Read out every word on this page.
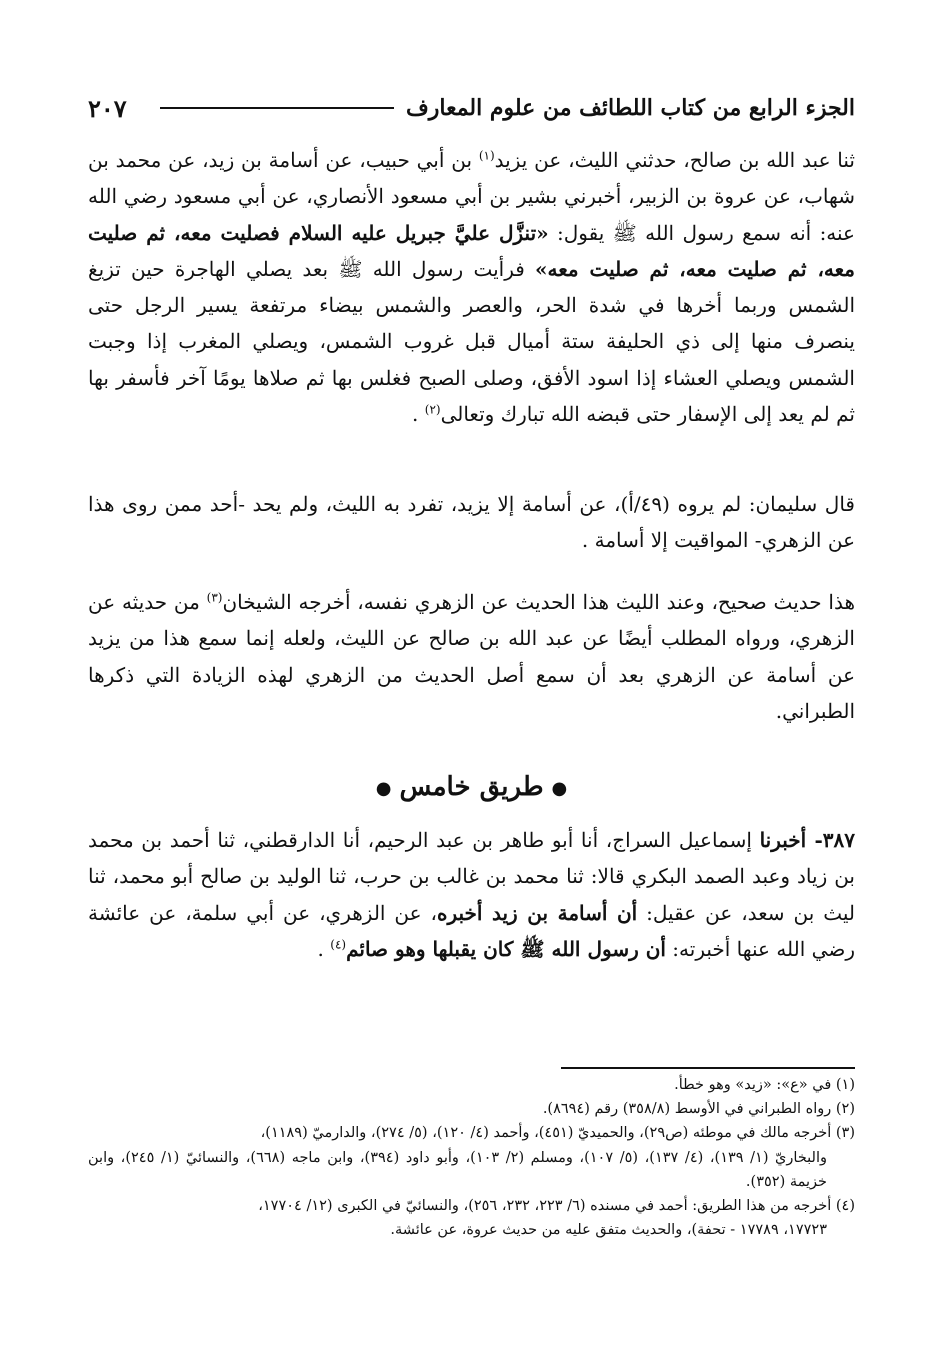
٢٠٧	الجزء الرابع من كتاب اللطائف من علوم المعارف
ثنا عبد الله بن صالح، حدثني الليث، عن يزيد$^{(١)}$ بن أبي حبيب، عن أسامة بن زيد، عن محمد بن شهاب، عن عروة بن الزبير، أخبرني بشير بن أبي مسعود الأنصاري، عن أبي مسعود رضي الله عنه: أنه سمع رسول الله ﷺ يقول: «تنزَّل عليَّ جبريل عليه السلام فصليت معه، ثم صليت معه، ثم صليت معه، ثم صليت معه» فرأيت رسول الله ﷺ بعد يصلي الهاجرة حين تزيغ الشمس وربما أخرها في شدة الحر، والعصر والشمس بيضاء مرتفعة يسير الرجل حتى ينصرف منها إلى ذي الحليفة ستة أميال قبل غروب الشمس، ويصلي المغرب إذا وجبت الشمس ويصلي العشاء إذا اسود الأفق، وصلى الصبح فغلس بها ثم صلاها يومًا آخر فأسفر بها ثم لم يعد إلى الإسفار حتى قبضه الله تبارك وتعالى$^{(٢)}$ .
قال سليمان: لم يروه (٤٩/أ)، عن أسامة إلا يزيد، تفرد به الليث، ولم يحد -أحد ممن روى هذا عن الزهري- المواقيت إلا أسامة .
هذا حديث صحيح، وعند الليث هذا الحديث عن الزهري نفسه، أخرجه الشيخان$^{(٣)}$ من حديثه عن الزهري، ورواه المطلب أيضًا عن عبد الله بن صالح عن الليث، ولعله إنما سمع هذا من يزيد عن أسامة عن الزهري بعد أن سمع أصل الحديث من الزهري لهذه الزيادة التي ذكرها الطبراني.
●طريق خامس●
٣٨٧- أخبرنا إسماعيل السراج، أنا أبو طاهر بن عبد الرحيم، أنا الدارقطني، ثنا أحمد بن محمد بن زياد وعبد الصمد البكري قالا: ثنا محمد بن غالب بن حرب، ثنا الوليد بن صالح أبو محمد، ثنا ليث بن سعد، عن عقيل: أن أسامة بن زيد أخبره، عن الزهري، عن أبي سلمة، عن عائشة رضي الله عنها أخبرته: أن رسول الله ﷺ كان يقبلها وهو صائم$^{(٤)}$ .

(١) في «ع»: «زيد» وهو خطأ.

(٢) رواه الطبراني في الأوسط (٣٥٨/٨) رقم (٨٦٩٤).

(٣) أخرجه مالك في موطئه (ص٢٩)، والحميديّ (٤٥١)، وأحمد (٤/ ١٢٠)، (٥/ ٢٧٤)، والدارميّ (١١٨٩)،

والبخاريّ (١/ ١٣٩)، (٤/ ١٣٧)، (٥/ ١٠٧)، ومسلم (٢/ ١٠٣)، وأبو داود (٣٩٤)، وابن ماجه (٦٦٨)، والنسائيّ (١/ ٢٤٥)، وابن خزيمة (٣٥٢).

(٤) أخرجه من هذا الطريق: أحمد في مسنده (٦/ ٢٢٣، ٢٣٢، ٢٥٦)، والنسائيّ في الكبرى (١٢/ ١٧٧٠٤،

١٧٧٢٣، ١٧٧٨٩ - تحفة)، والحديث متفق عليه من حديث عروة، عن عائشة.
